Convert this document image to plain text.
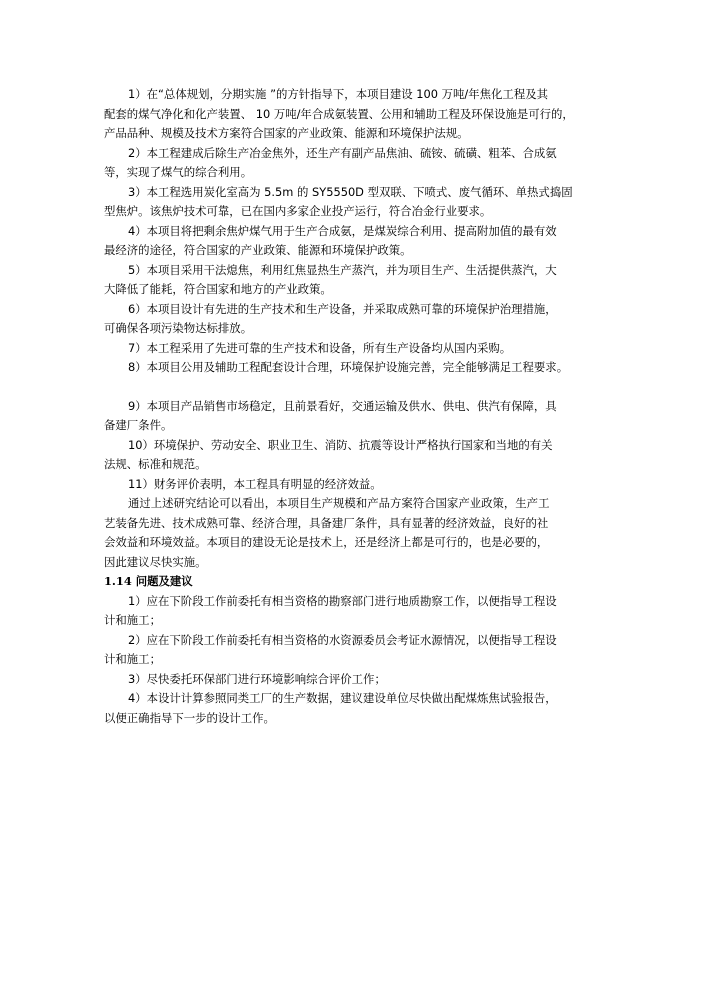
1）在“总体规划，分期实施 ”的方针指导下，本项目建设 100 万吨/年焦化工程及其
配套的煤气净化和化产装置、 10 万吨/年合成氨装置、公用和辅助工程及环保设施是可行的，
产品品种、规模及技术方案符合国家的产业政策、能源和环境保护法规。
2）本工程建成后除生产冶金焦外，还生产有副产品焦油、硫铵、硫磺、粗苯、合成氨
等，实现了煤气的综合利用。
3）本工程选用炭化室高为 5.5m 的 SY5550D 型双联、下喷式、废气循环、单热式捣固
型焦炉。该焦炉技术可靠，已在国内多家企业投产运行，符合冶金行业要求。
4）本项目将把剩余焦炉煤气用于生产合成氨，是煤炭综合利用、提高附加值的最有效
最经济的途径，符合国家的产业政策、能源和环境保护政策。
5）本项目采用干法熄焦，利用红焦显热生产蒸汽，并为项目生产、生活提供蒸汽，大
大降低了能耗，符合国家和地方的产业政策。
6）本项目设计有先进的生产技术和生产设备，并采取成熟可靠的环境保护治理措施，
可确保各项污染物达标排放。
7）本工程采用了先进可靠的生产技术和设备，所有生产设备均从国内采购。
8）本项目公用及辅助工程配套设计合理，环境保护设施完善，完全能够满足工程要求。
9）本项目产品销售市场稳定，且前景看好，交通运输及供水、供电、供汽有保障，具
备建厂条件。
10）环境保护、劳动安全、职业卫生、消防、抗震等设计严格执行国家和当地的有关
法规、标准和规范。
11）财务评价表明，本工程具有明显的经济效益。
通过上述研究结论可以看出，本项目生产规模和产品方案符合国家产业政策，生产工
艺装备先进、技术成熟可靠、经济合理，具备建厂条件，具有显著的经济效益，良好的社
会效益和环境效益。本项目的建设无论是技术上，还是经济上都是可行的，也是必要的，
因此建议尽快实施。
1.14 问题及建议
1）应在下阶段工作前委托有相当资格的勘察部门进行地质勘察工作，以便指导工程设
计和施工；
2）应在下阶段工作前委托有相当资格的水资源委员会考证水源情况，以便指导工程设
计和施工；
3）尽快委托环保部门进行环境影响综合评价工作；
4）本设计计算参照同类工厂的生产数据，建议建设单位尽快做出配煤炼焦试验报告，
以便正确指导下一步的设计工作。
